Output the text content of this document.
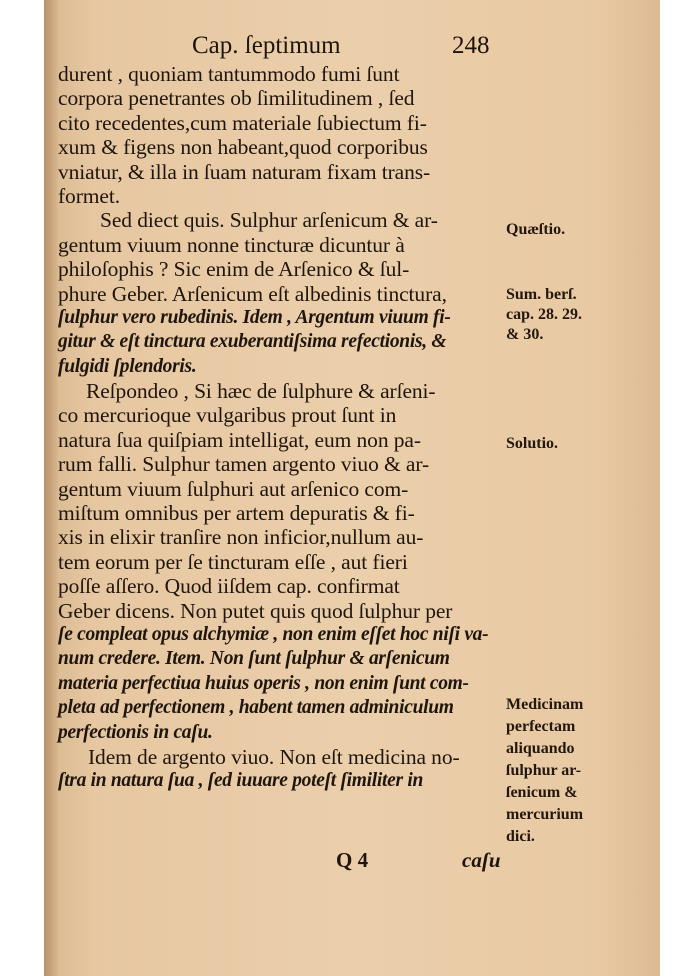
Cap. ſeptimum	248
durent , quoniam tantummodo fumi ſunt
corpora penetrantes ob ſimilitudinem , ſed
cito recedentes,cum materiale ſubiectum fi-
xum & figens non habeant,quod corporibus
vniatur, & illa in ſuam naturam fixam trans-
formet.
Sed diect quis. Sulphur arſenicum & ar-
gentum viuum nonne tincturæ dicuntur à
philoſophis ? Sic enim de Arſenico & ſul-
phure Geber. Arſenicum eſt albedinis tinctura,
ſulphur vero rubedinis. Idem , Argentum viuum fi-
gitur & eſt tinctura exuberantiſsima refectionis, &
fulgidi ſplendoris.
Reſpondeo , Si hæc de ſulphure & arſeni-
co mercurioque vulgaribus prout ſunt in
natura ſua quiſpiam intelligat, eum non pa-
rum falli. Sulphur tamen argento viuo & ar-
gentum viuum ſulphuri aut arſenico com-
miſtum omnibus per artem depuratis & fi-
xis in elixir tranſire non inficior,nullum au-
tem eorum per ſe tincturam eſſe , aut fieri
poſſe aſſero. Quod iiſdem cap. confirmat
Geber dicens. Non putet quis quod ſulphur per
ſe compleat opus alchymiæ , non enim eſſet hoc niſi va-
num credere. Item. Non ſunt ſulphur & arſenicum
materia perfectiua huius operis , non enim ſunt com-
pleta ad perfectionem , habent tamen adminiculum
perfectionis in caſu.
Idem de argento viuo. Non eſt medicina no-
ſtra in natura ſua , ſed iuuare poteſt ſimiliter in
Quæſtio.
Sum. berſ.
cap. 28. 29.
& 30.
Solutio.
Medicinam
perfectam
aliquando
ſulphur ar-
ſenicum &
mercurium
dici.
Q 4	caſu
